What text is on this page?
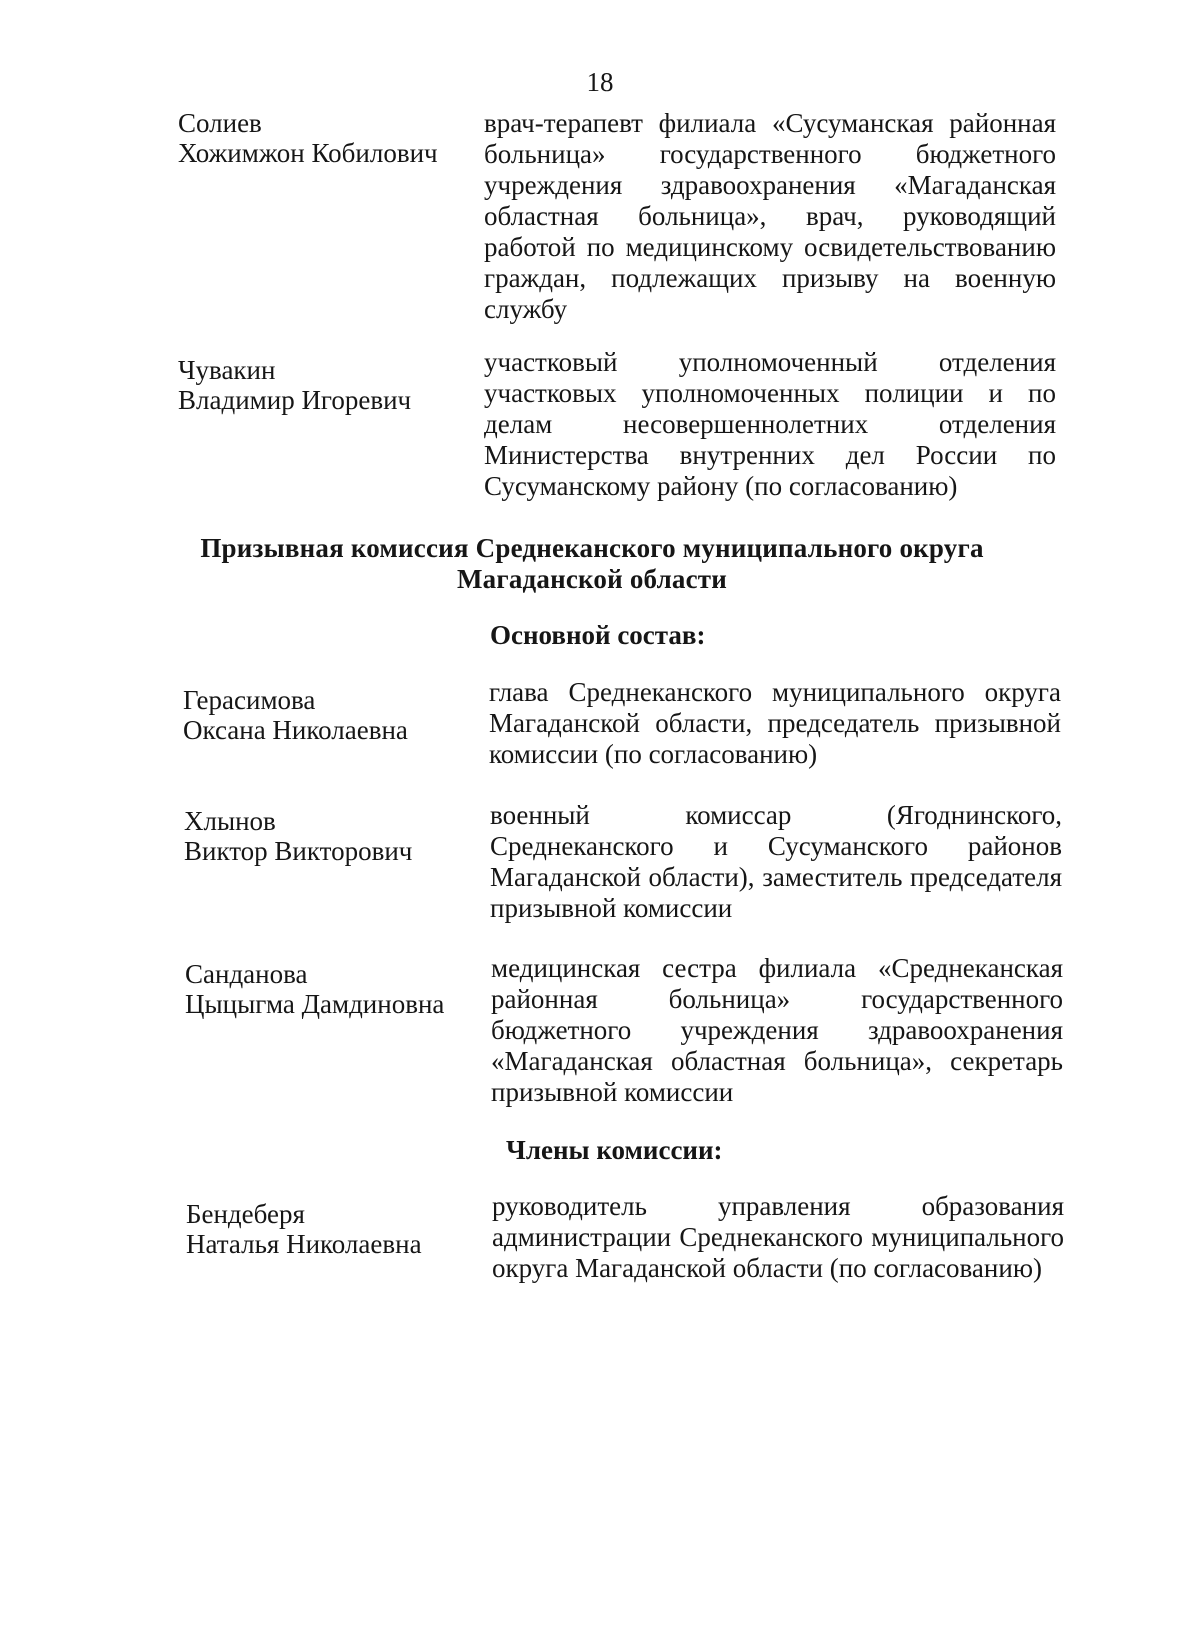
18
Солиев
Хожимжон Кобилович
врач-терапевт филиала «Сусуманская районная больница» государственного бюджетного учреждения здравоохранения «Магаданская областная больница», врач, руководящий работой по медицинскому освидетельствованию граждан, подлежащих призыву на военную службу
Чувакин
Владимир Игоревич
участковый уполномоченный отделения участковых уполномоченных полиции и по делам несовершеннолетних отделения Министерства внутренних дел России по Сусуманскому району (по согласованию)
Призывная комиссия Среднеканского муниципального округа
Магаданской области
Основной состав:
Герасимова
Оксана Николаевна
глава Среднеканского муниципального округа Магаданской области, председатель призывной комиссии (по согласованию)
Хлынов
Виктор Викторович
военный комиссар (Ягоднинского, Среднеканского и Сусуманского районов Магаданской области), заместитель председателя призывной комиссии
Санданова
Цыцыгма Дамдиновна
медицинская сестра филиала «Среднеканская районная больница» государственного бюджетного учреждения здравоохранения «Магаданская областная больница», секретарь призывной комиссии
Члены комиссии:
Бендеберя
Наталья Николаевна
руководитель управления образования администрации Среднеканского муниципального округа Магаданской области (по согласованию)
